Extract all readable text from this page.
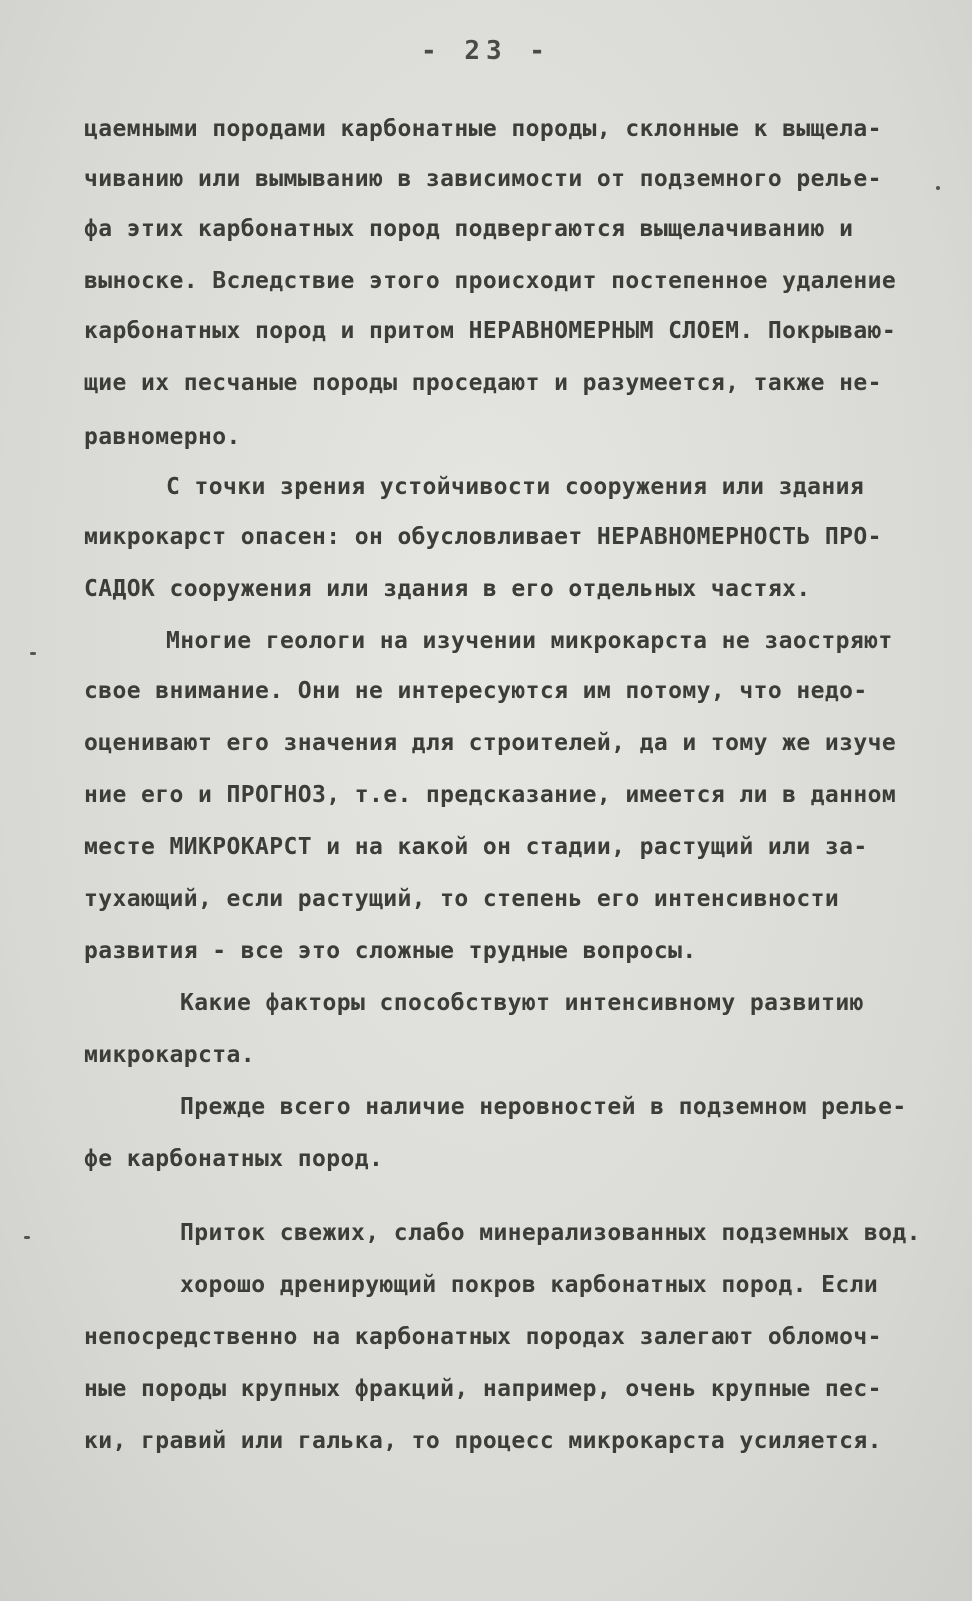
- 23 -
цаемными породами карбонатные породы, склонные к выщела-
чиванию или вымыванию в зависимости от подземного релье-
фа этих карбонатных пород подвергаются выщелачиванию и
выноске. Вследствие этого происходит постепенное удаление
карбонатных пород и притом НЕРАВНОМЕРНЫМ СЛОЕМ. Покрываю-
щие их песчаные породы проседают и разумеется, также не-
равномерно.
С точки зрения устойчивости сооружения или здания
микрокарст опасен: он обусловливает НЕРАВНОМЕРНОСТЬ ПРО-
САДОК сооружения или здания в его отдельных частях.
Многие геологи на изучении микрокарста не заостряют
свое внимание. Они не интересуются им потому, что недо-
оценивают его значения для строителей, да и тому же изуче
ние его и ПРОГНОЗ, т.е. предсказание, имеется ли в данном
месте МИКРОКАРСТ и на какой он стадии, растущий или за-
тухающий, если растущий, то степень его интенсивности
развития - все это сложные трудные вопросы.
Какие факторы способствуют интенсивному развитию
микрокарста.
Прежде всего наличие неровностей в подземном релье-
фе карбонатных пород.
Приток свежих, слабо минерализованных подземных вод.
хорошо дренирующий покров карбонатных пород. Если
непосредственно на карбонатных породах залегают обломоч-
ные породы крупных фракций, например, очень крупные пес-
ки, гравий или галька, то процесс микрокарста усиляется.
